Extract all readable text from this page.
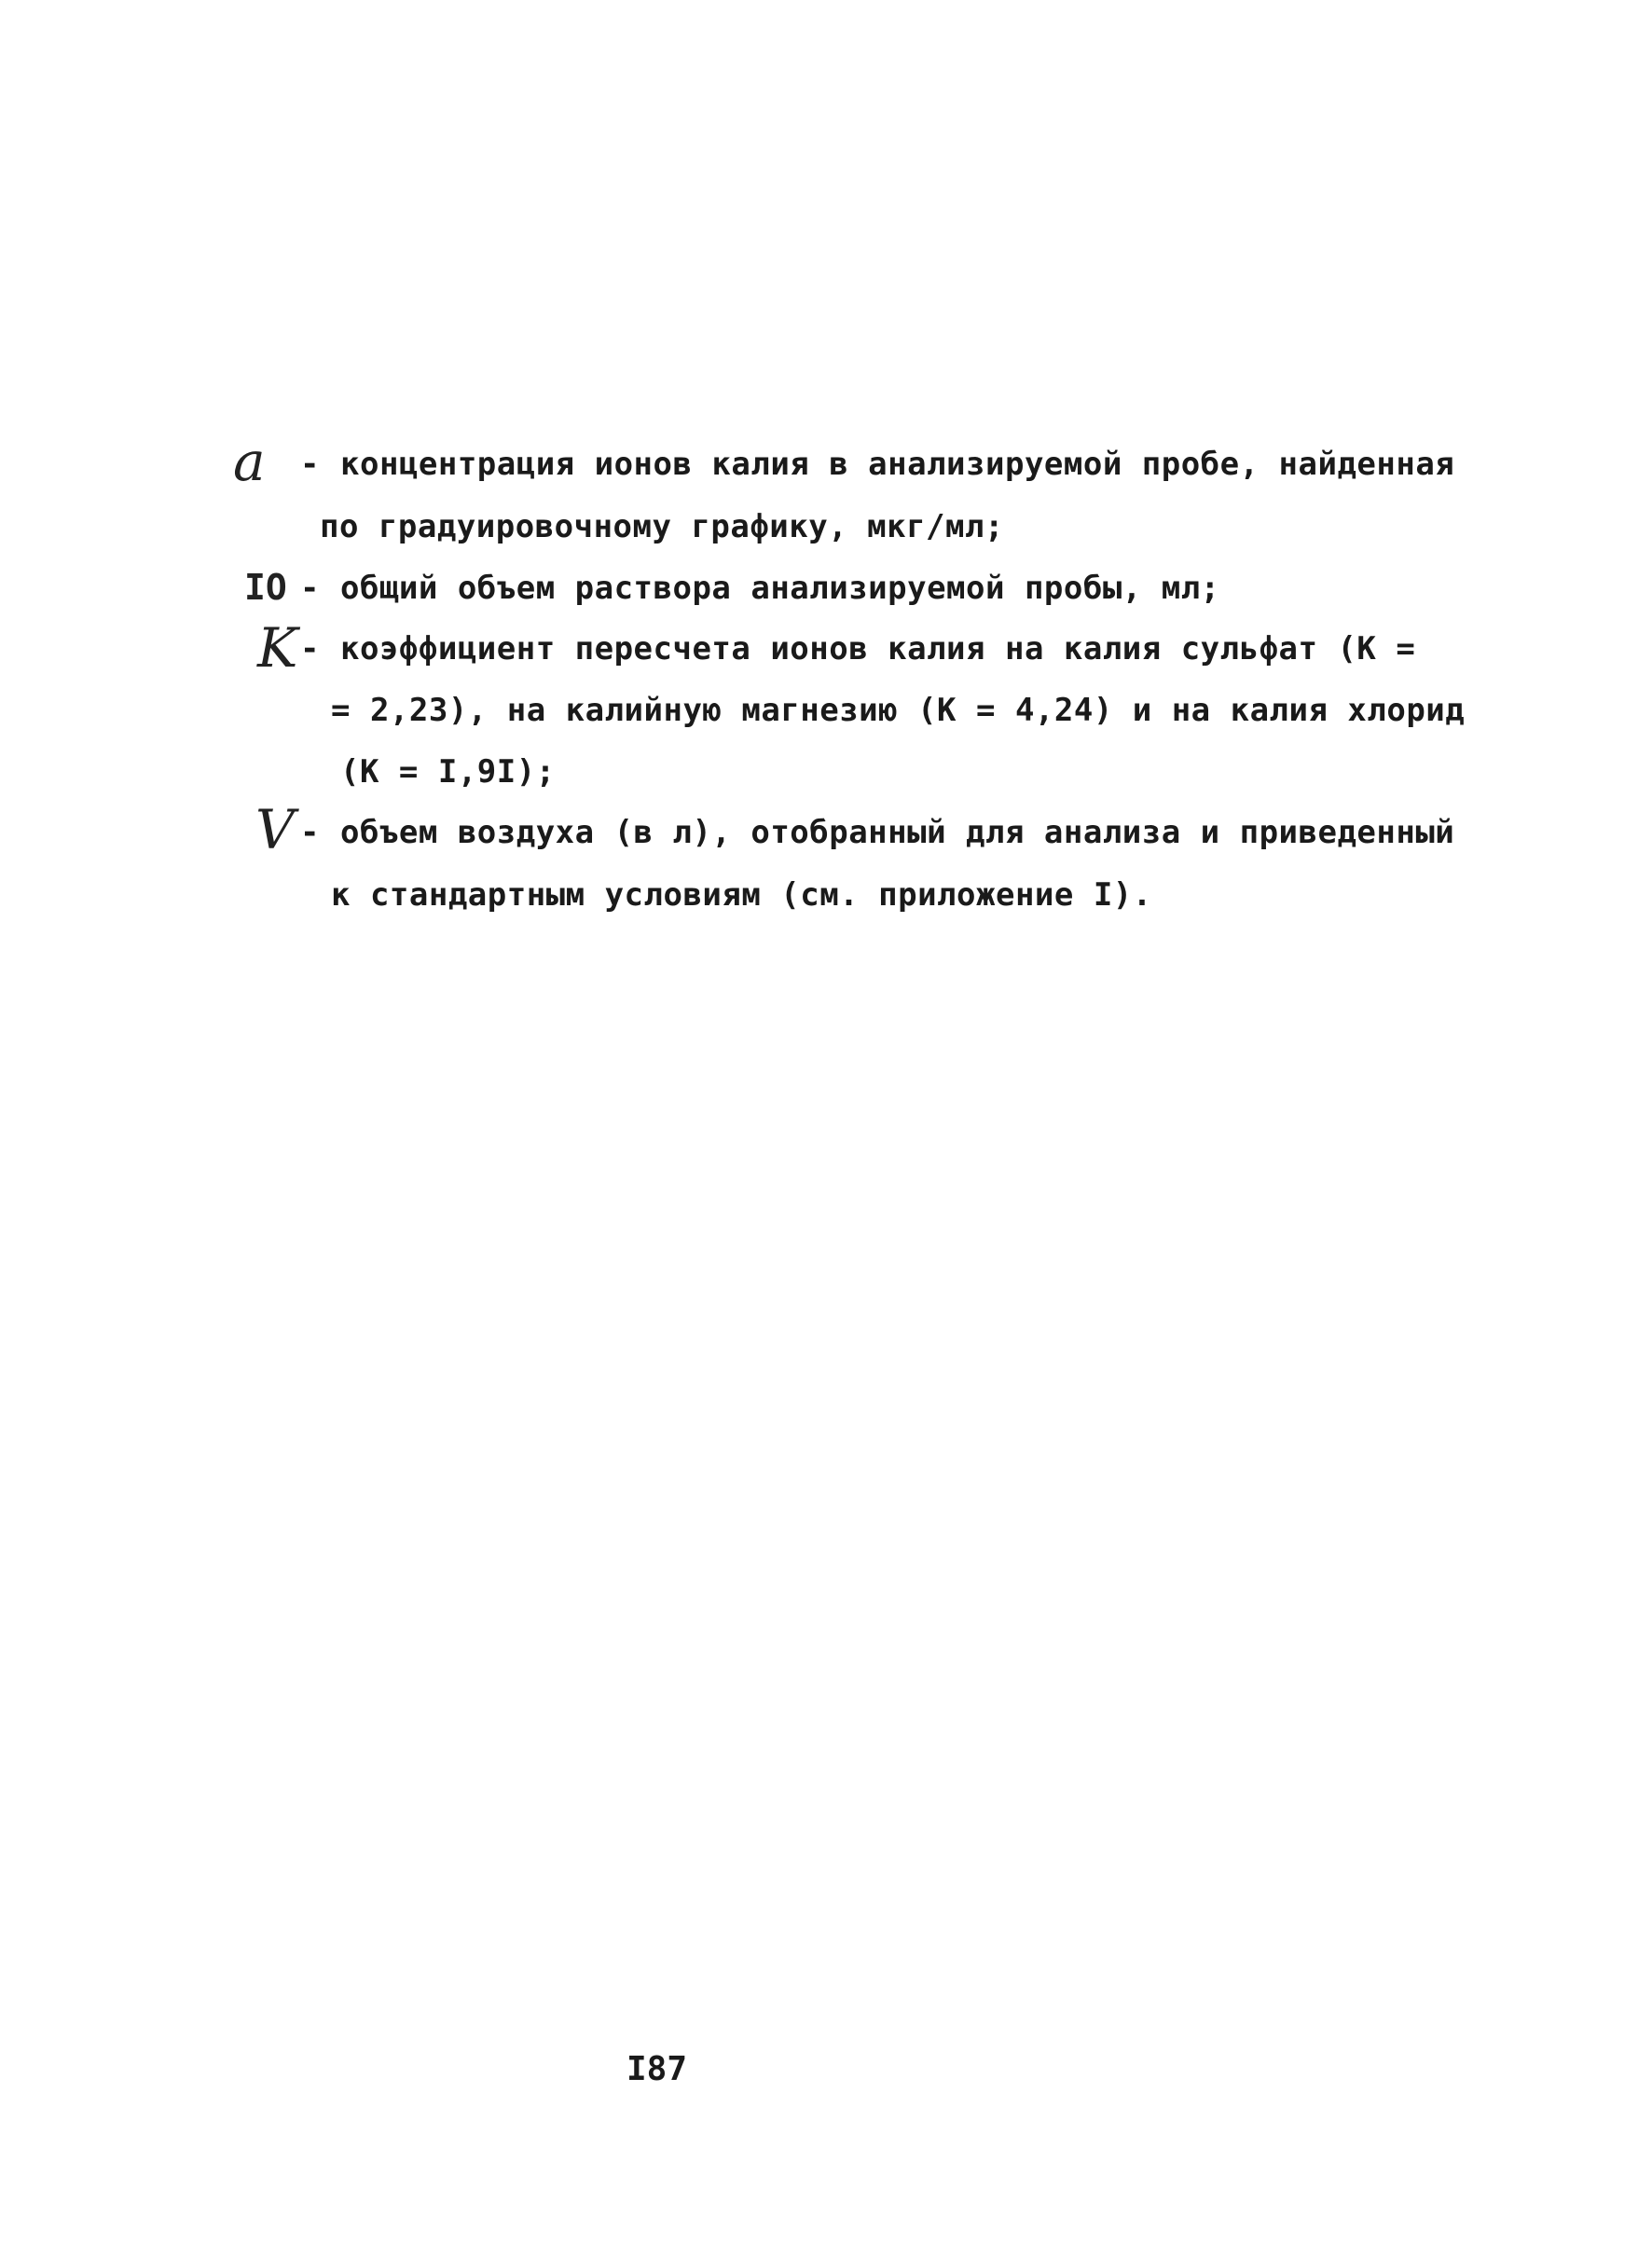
a - концентрация ионов калия в анализируемой пробе, найденная
по градуировочному графику, мкг/мл;
IO - общий объем раствора анализируемой пробы, мл;
K - коэффициент пересчета ионов калия на калия сульфат (К =
= 2,23), на калийную магнезию (К = 4,24) и на калия хлорид
(К = I,9I);
V - объем воздуха (в л), отобранный для анализа и приведенный
к стандартным условиям (см. приложение I).
I87
